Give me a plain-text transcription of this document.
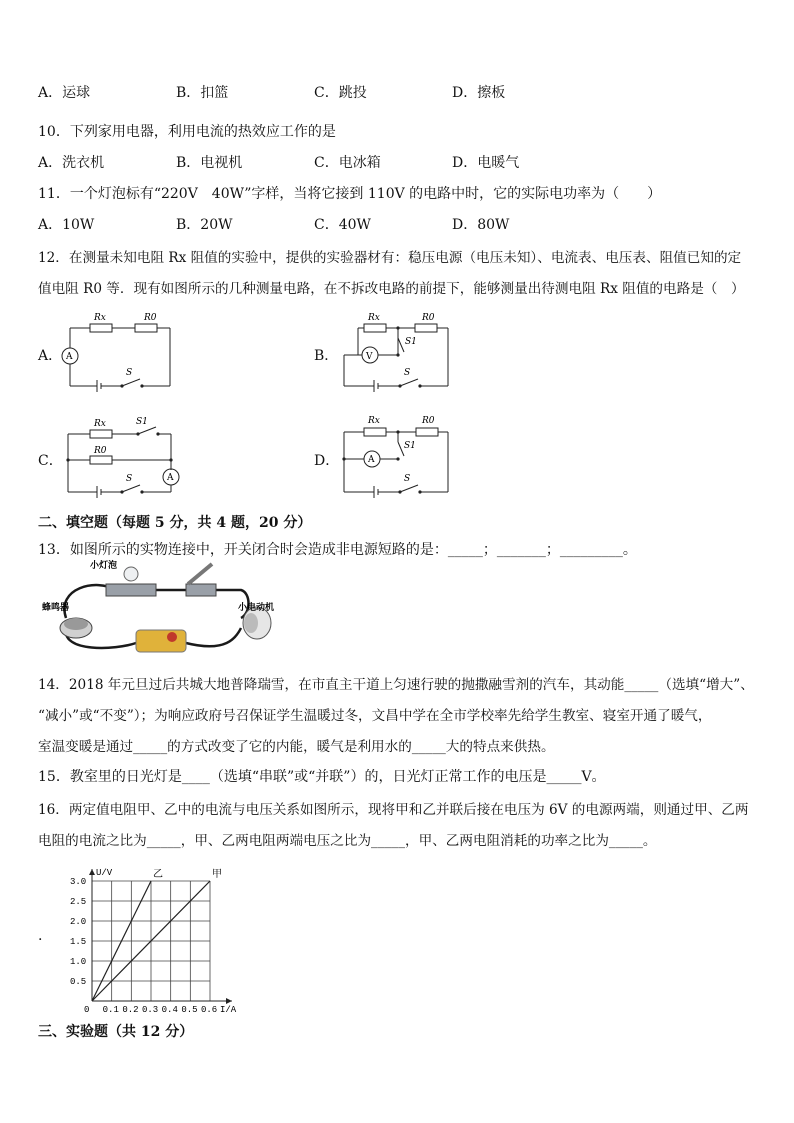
A．运球	B．扣篮	C．跳投	D．擦板
10．下列家用电器，利用电流的热效应工作的是
A．洗衣机	B．电视机	C．电冰箱	D．电暖气
11．一个灯泡标有“220V　40W”字样，当将它接到 110V 的电路中时，它的实际电功率为（　　）
A．10W	B．20W	C．40W	D．80W
12．在测量未知电阻 Rx 阻值的实验中，提供的实验器材有：稳压电源（电压未知）、电流表、电压表、阻值已知的定
值电阻 R0 等．现有如图所示的几种测量电路，在不拆改电路的前提下，能够测量出待测电阻 Rx 阻值的电路是（　）
A．	B．
C．	D．
Rx	R0
A
S
Rx	R0
V
S1
S
Rx
R0
S1
A
S
Rx	R0
A
S1
S
二、填空题（每题 5 分，共 4 题，20 分）
13．如图所示的实物连接中，开关闭合时会造成非电源短路的是：_____；_______；_________。
小灯泡
蜂鸣器	小电动机
14．2018 年元旦过后共城大地普降瑞雪，在市直主干道上匀速行驶的抛撒融雪剂的汽车，其动能_____（选填“增大”、
“减小”或“不变”）；为响应政府号召保证学生温暖过冬，文昌中学在全市学校率先给学生教室、寝室开通了暖气，
室温变暖是通过_____的方式改变了它的内能，暖气是利用水的_____大的特点来供热。
15．教室里的日光灯是____（选填“串联”或“并联”）的，日光灯正常工作的电压是_____V。
16．两定值电阻甲、乙中的电流与电压关系如图所示，现将甲和乙并联后接在电压为 6V 的电源两端，则通过甲、乙两
电阻的电流之比为_____，甲、乙两电阻两端电压之比为_____，甲、乙两电阻消耗的功率之比为_____。
.
0.1 0.2 0.3 0.4 0.5 0.6
0.5
1.0
1.5
2.0
2.5
3.0
I/A
U/V
0
乙	甲
三、实验题（共 12 分）
